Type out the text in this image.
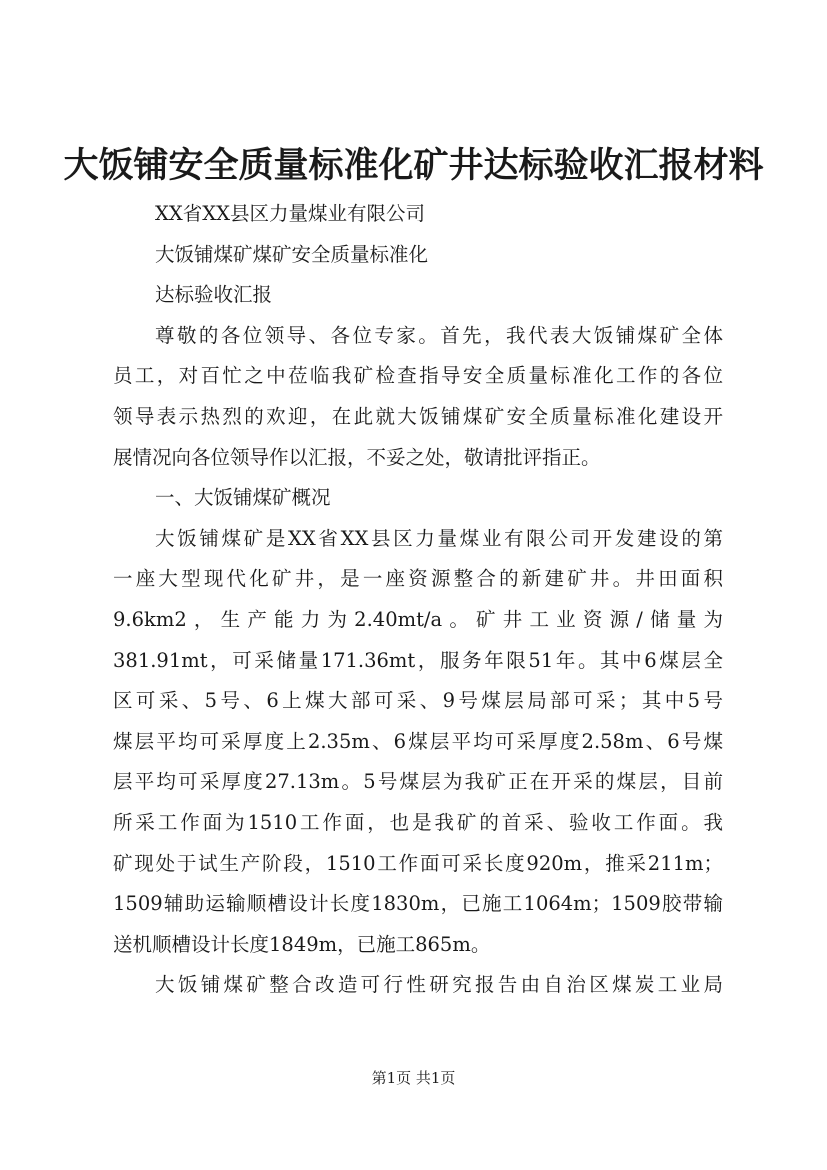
大饭铺安全质量标准化矿井达标验收汇报材料
XX省XX县区力量煤业有限公司
大饭铺煤矿煤矿安全质量标准化
达标验收汇报
尊敬的各位领导、各位专家。首先，我代表大饭铺煤矿全体
员工，对百忙之中莅临我矿检查指导安全质量标准化工作的各位
领导表示热烈的欢迎，在此就大饭铺煤矿安全质量标准化建设开
展情况向各位领导作以汇报，不妥之处，敬请批评指正。
一、大饭铺煤矿概况
大饭铺煤矿是XX省XX县区力量煤业有限公司开发建设的第
一座大型现代化矿井，是一座资源整合的新建矿井。井田面积
9.6km2，生产能力为2.40mt/a。矿井工业资源/储量为
381.91mt，可采储量171.36mt，服务年限51年。其中6煤层全
区可采、5号、6上煤大部可采、9号煤层局部可采；其中5号
煤层平均可采厚度上2.35m、6煤层平均可采厚度2.58m、6号煤
层平均可采厚度27.13m。5号煤层为我矿正在开采的煤层，目前
所采工作面为1510工作面，也是我矿的首采、验收工作面。我
矿现处于试生产阶段，1510工作面可采长度920m，推采211m；
1509辅助运输顺槽设计长度1830m，已施工1064m；1509胶带输
送机顺槽设计长度1849m，已施工865m。
大饭铺煤矿整合改造可行性研究报告由自治区煤炭工业局
第1页 共1页
